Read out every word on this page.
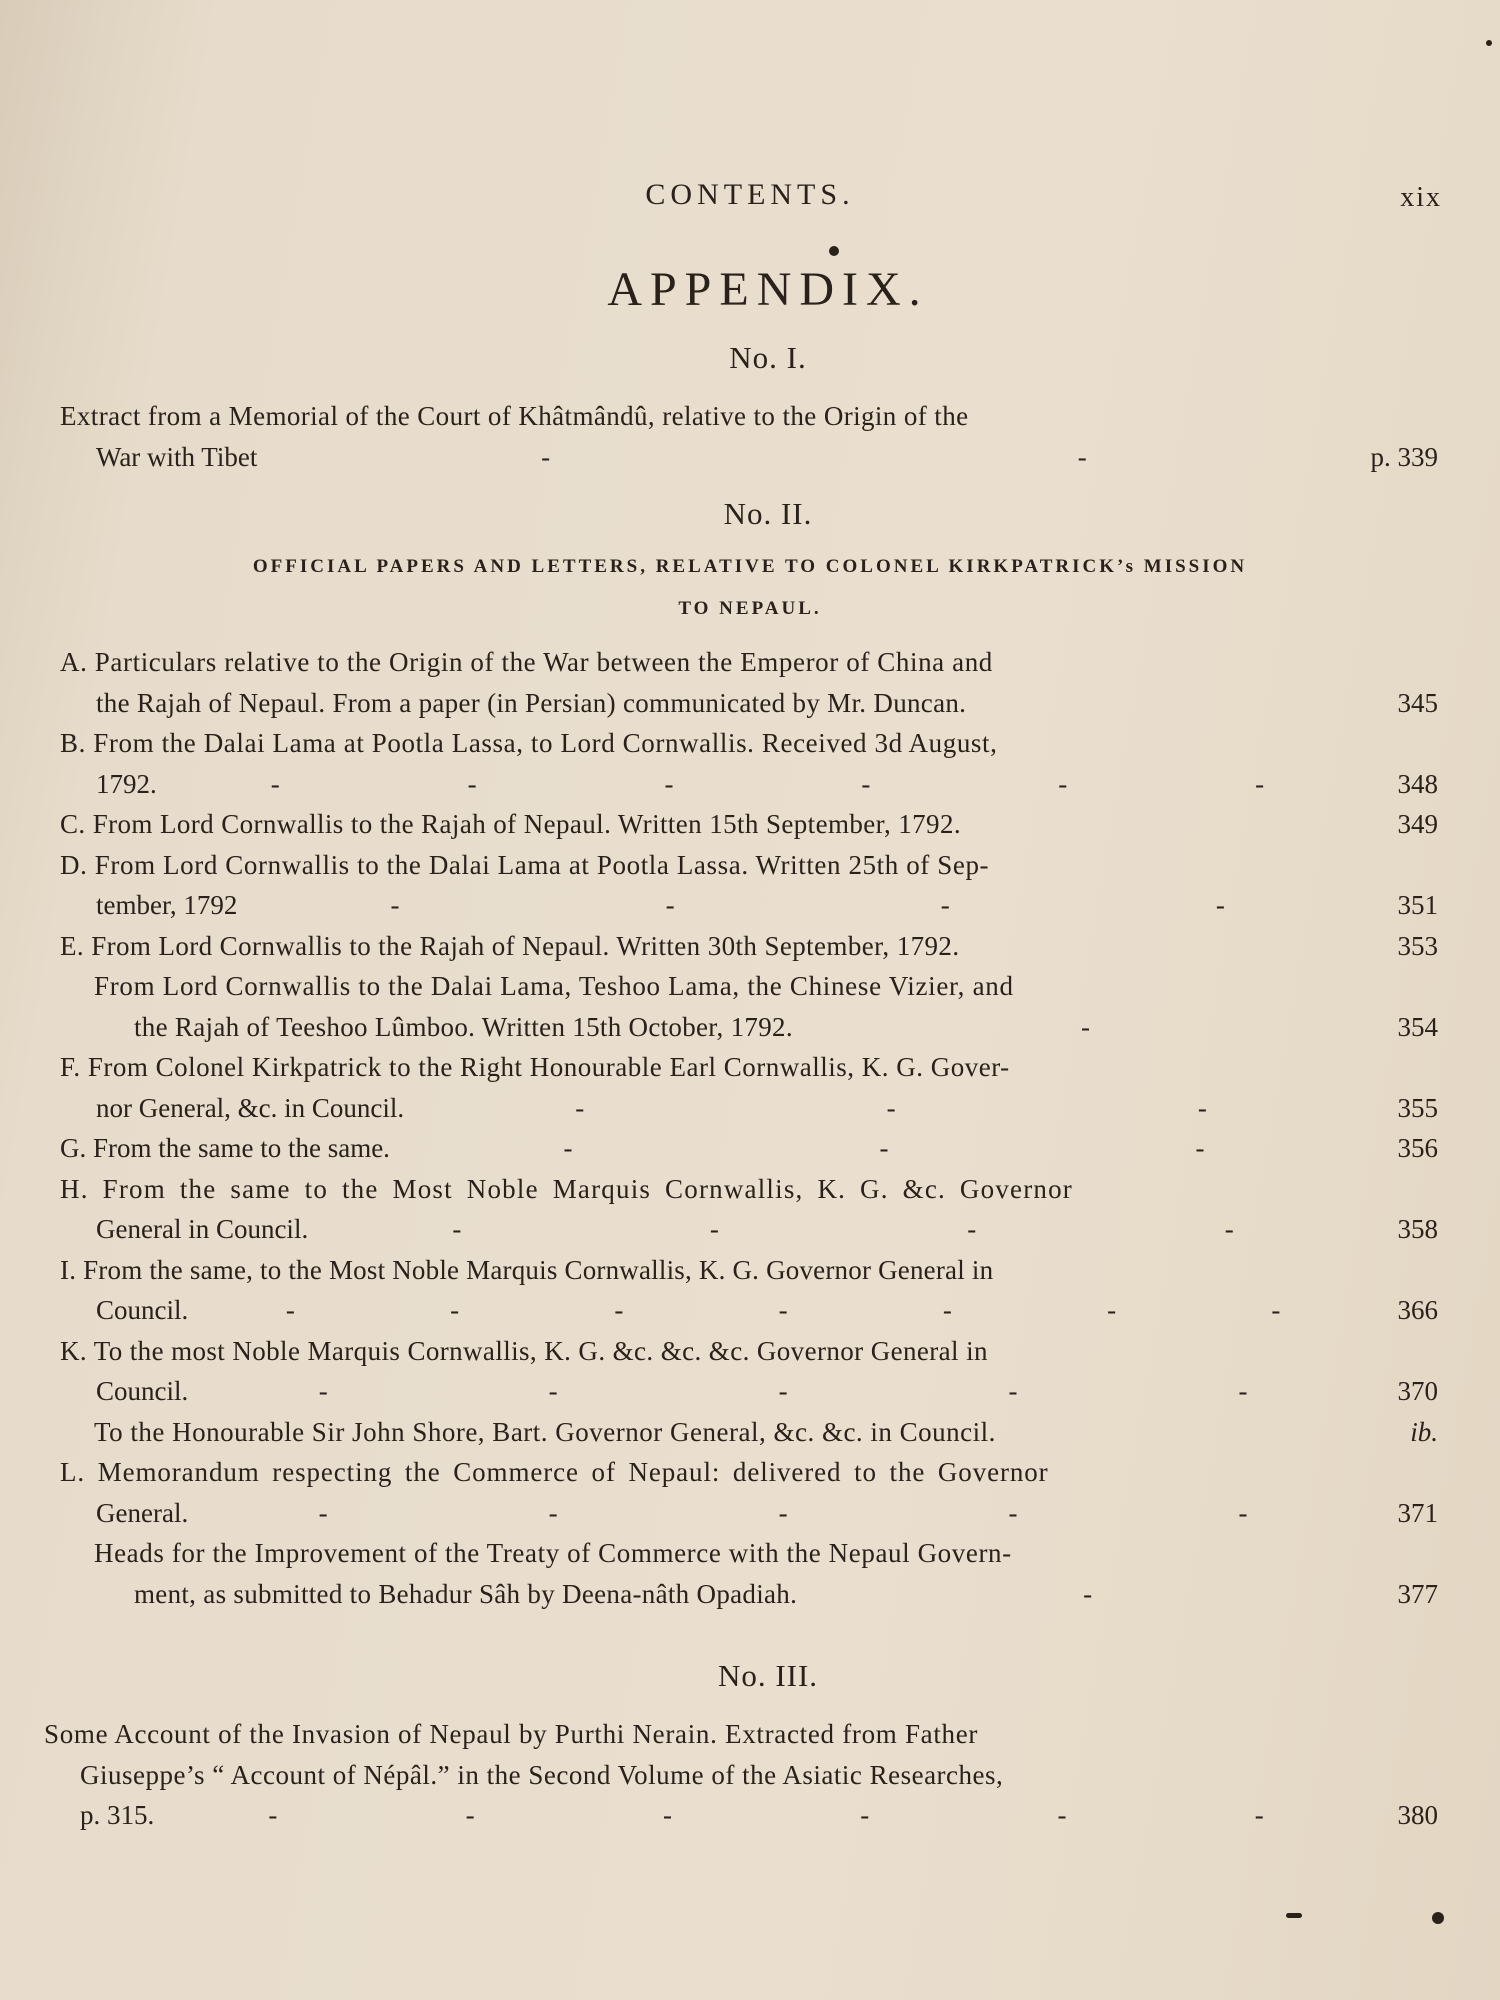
CONTENTS.	xix
APPENDIX.
No. I.
Extract from a Memorial of the Court of Khâtmândû, relative to the Origin of the
War with Tibet	-	-	p. 339
No. II.
OFFICIAL PAPERS AND LETTERS, RELATIVE TO COLONEL KIRKPATRICK’s MISSION
TO NEPAUL.
A. Particulars relative to the Origin of the War between the Emperor of China and
the Rajah of Nepaul. From a paper (in Persian) communicated by Mr. Duncan.	345
B. From the Dalai Lama at Pootla Lassa, to Lord Cornwallis. Received 3d August,
1792.	-	-	-	-	-	-	348
C. From Lord Cornwallis to the Rajah of Nepaul. Written 15th September, 1792.	349
D. From Lord Cornwallis to the Dalai Lama at Pootla Lassa. Written 25th of Sep-
tember, 1792	-	-	-	-	351
E. From Lord Cornwallis to the Rajah of Nepaul. Written 30th September, 1792.	353
From Lord Cornwallis to the Dalai Lama, Teshoo Lama, the Chinese Vizier, and
the Rajah of Teeshoo Lûmboo. Written 15th October, 1792.	-	354
F. From Colonel Kirkpatrick to the Right Honourable Earl Cornwallis, K. G. Gover-
nor General, &c. in Council.	-	-	-	355
G. From the same to the same.	-	-	-	356
H. From the same to the Most Noble Marquis Cornwallis, K. G. &c. Governor
General in Council.	-	-	-	-	358
I. From the same, to the Most Noble Marquis Cornwallis, K. G. Governor General in
Council.	-	-	-	-	-	-	-	366
K. To the most Noble Marquis Cornwallis, K. G. &c. &c. &c. Governor General in
Council.	-	-	-	-	-	370
To the Honourable Sir John Shore, Bart. Governor General, &c. &c. in Council.	ib.
L. Memorandum respecting the Commerce of Nepaul: delivered to the Governor
General.	-	-	-	-	-	371
Heads for the Improvement of the Treaty of Commerce with the Nepaul Govern-
ment, as submitted to Behadur Sâh by Deena-nâth Opadiah.	-	377
No. III.
Some Account of the Invasion of Nepaul by Purthi Nerain. Extracted from Father
Giuseppe’s “ Account of Népâl.” in the Second Volume of the Asiatic Researches,
p. 315.	-	-	-	-	-	-	380
